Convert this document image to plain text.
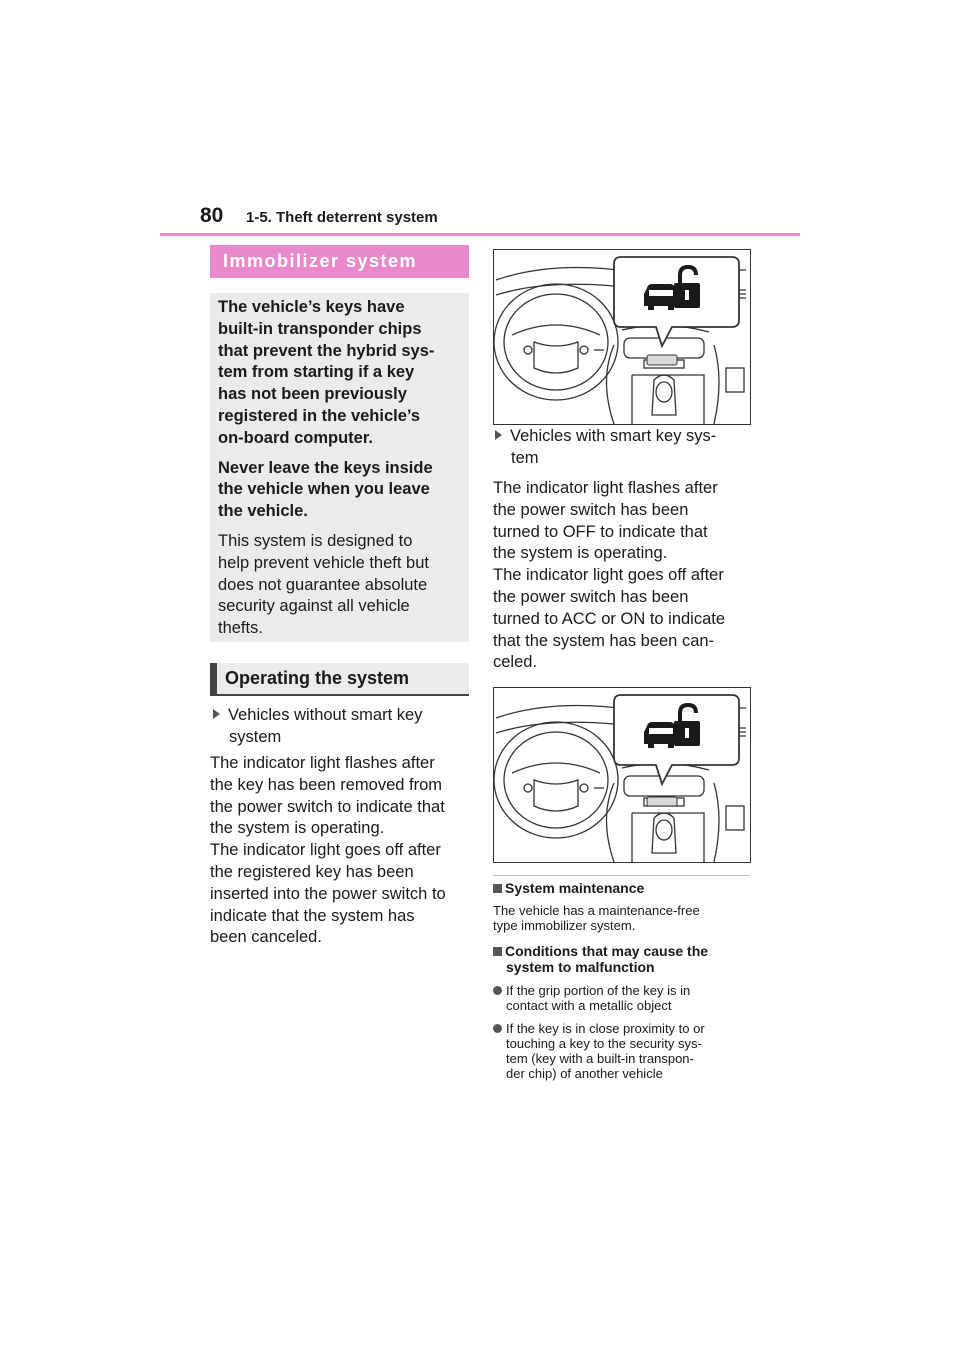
80 1-5. Theft deterrent system
Immobilizer system

The vehicle’s keys have
built-in transponder chips
that prevent the hybrid sys-
tem from starting if a key
has not been previously
registered in the vehicle’s
on-board computer.

Never leave the keys inside
the vehicle when you leave
the vehicle.

This system is designed to
help prevent vehicle theft but
does not guarantee absolute
security against all vehicle
thefts.

Operating the system
Vehicles without smart key
system

The indicator light flashes after

the key has been removed from

the power switch to indicate that

the system is operating.

The indicator light goes off after

the registered key has been

inserted into the power switch to

indicate that the system has

been canceled.

Vehicles with smart key sys-
tem

The indicator light flashes after

the power switch has been

turned to OFF to indicate that

the system is operating.

The indicator light goes off after

the power switch has been

turned to ACC or ON to indicate

that the system has been can-

celed.

System maintenance
The vehicle has a maintenance-free
type immobilizer system.
Conditions that may cause the
system to malfunction
If the grip portion of the key is in
contact with a metallic object
If the key is in close proximity to or
touching a key to the security sys-
tem (key with a built-in transpon-
der chip) of another vehicle
